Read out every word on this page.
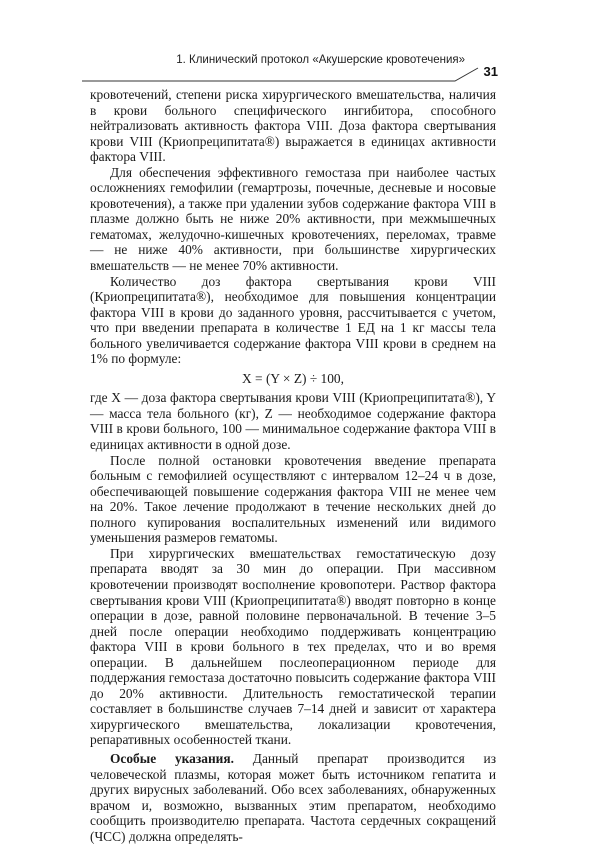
1. Клинический протокол «Акушерские кровотечения»
31

кровотечений, степени риска хирургического вмешательства, наличия в крови больного специфического ингибитора, способного нейтрализовать активность фактора VIII. Доза фактора свертывания крови VIII (Криопреципитата®) выражается в единицах активности фактора VIII.

Для обеспечения эффективного гемостаза при наиболее частых осложнениях гемофилии (гемартрозы, почечные, десневые и носовые кровотечения), а также при удалении зубов содержание фактора VIII в плазме должно быть не ниже 20% активности, при межмышечных гематомах, желудочно-кишечных кровотечениях, переломах, травме — не ниже 40% активности, при большинстве хирургических вмешательств — не менее 70% активности.

Количество доз фактора свертывания крови VIII (Криопреципитата®), необходимое для повышения концентрации фактора VIII в крови до заданного уровня, рассчитывается с учетом, что при введении препарата в количестве 1 ЕД на 1 кг массы тела больного увеличивается содержание фактора VIII крови в среднем на 1% по формуле:

X = (Y × Z) ÷ 100,

где X — доза фактора свертывания крови VIII (Криопреципитата®), Y — масса тела больного (кг), Z — необходимое содержание фактора VIII в крови больного, 100 — минимальное содержание фактора VIII в единицах активности в одной дозе.

После полной остановки кровотечения введение препарата больным с гемофилией осуществляют с интервалом 12–24 ч в дозе, обеспечивающей повышение содержания фактора VIII не менее чем на 20%. Такое лечение продолжают в течение нескольких дней до полного купирования воспалительных изменений или видимого уменьшения размеров гематомы.

При хирургических вмешательствах гемостатическую дозу препарата вводят за 30 мин до операции. При массивном кровотечении производят восполнение кровопотери. Раствор фактора свертывания крови VIII (Криопреципитата®) вводят повторно в конце операции в дозе, равной половине первоначальной. В течение 3–5 дней после операции необходимо поддерживать концентрацию фактора VIII в крови больного в тех пределах, что и во время операции. В дальнейшем послеоперационном периоде для поддержания гемостаза достаточно повысить содержание фактора VIII до 20% активности. Длительность гемостатической терапии составляет в большинстве случаев 7–14 дней и зависит от характера хирургического вмешательства, локализации кровотечения, репаративных особенностей ткани.

Особые указания. Данный препарат производится из человеческой плазмы, которая может быть источником гепатита и других вирусных заболеваний. Обо всех заболеваниях, обнаруженных врачом и, возможно, вызванных этим препаратом, необходимо сообщить производителю препарата. Частота сердечных сокращений (ЧСС) должна определять-
